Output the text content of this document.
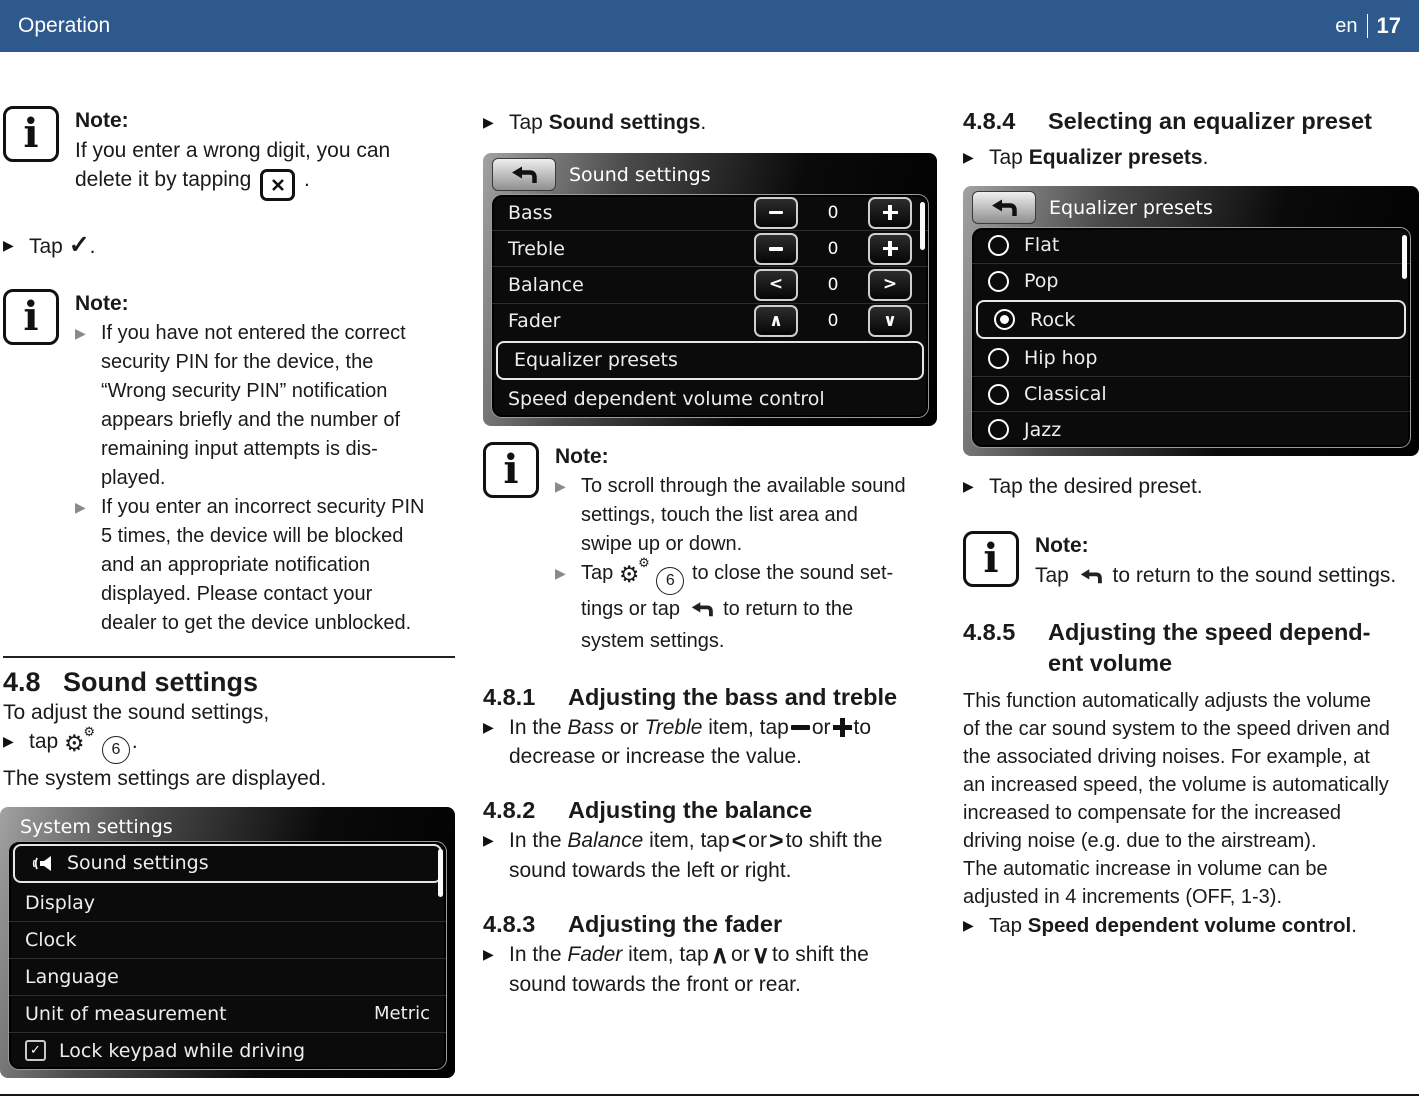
Operation	en 17
i	Note:
If you enter a wrong digit, you can
delete it by tapping	.
▶ Tap ✓.
i	Note:
▶ If you have not entered the correct
security PIN for the device, the
“Wrong security PIN” notification
appears briefly and the number of
remaining input attempts is dis-
played.
▶ If you enter an incorrect security PIN
5 times, the device will be blocked
and an appropriate notification
displayed. Please contact your
dealer to get the device unblocked.
4.8 Sound settings
To adjust the sound settings,
▶ tap ⚙
⚙
6 .
The system settings are displayed.
System settings
Sound settings
Display
Clock
Language
Unit of measurement	Metric
✓ Lock keypad while driving
▶ Tap Sound settings.
Sound settings
Bass	0
Treble	0
Balance	<	0	>
Fader	∧	0	∨
Equalizer presets
Speed dependent volume control
i	Note:
▶ To scroll through the available sound
settings, touch the list area and
swipe up or down.
▶ Tap ⚙
⚙
6 to close the sound set-
tings or tap to return to the
system settings.
4.8.1	Adjusting the bass and treble
▶ In the Bass or Treble item, tap or to
decrease or increase the value.
4.8.2	Adjusting the balance
▶ In the Balance item, tap<or>to shift the
sound towards the left or right.
4.8.3	Adjusting the fader
▶ In the Fader item, tap∧or∨to shift the
sound towards the front or rear.
4.8.4	Selecting an equalizer preset
▶ Tap Equalizer presets.
Equalizer presets
Flat
Pop
Rock
Hip hop
Classical
Jazz
▶ Tap the desired preset.
i	Note:
Tap to return to the sound settings.
4.8.5	Adjusting the speed depend-
ent volume
This function automatically adjusts the volume
of the car sound system to the speed driven and
the associated driving noises. For example, at
an increased speed, the volume is automatically
increased to compensate for the increased
driving noise (e.g. due to the airstream).
The automatic increase in volume can be
adjusted in 4 increments (OFF, 1-3).
▶ Tap Speed dependent volume control.
